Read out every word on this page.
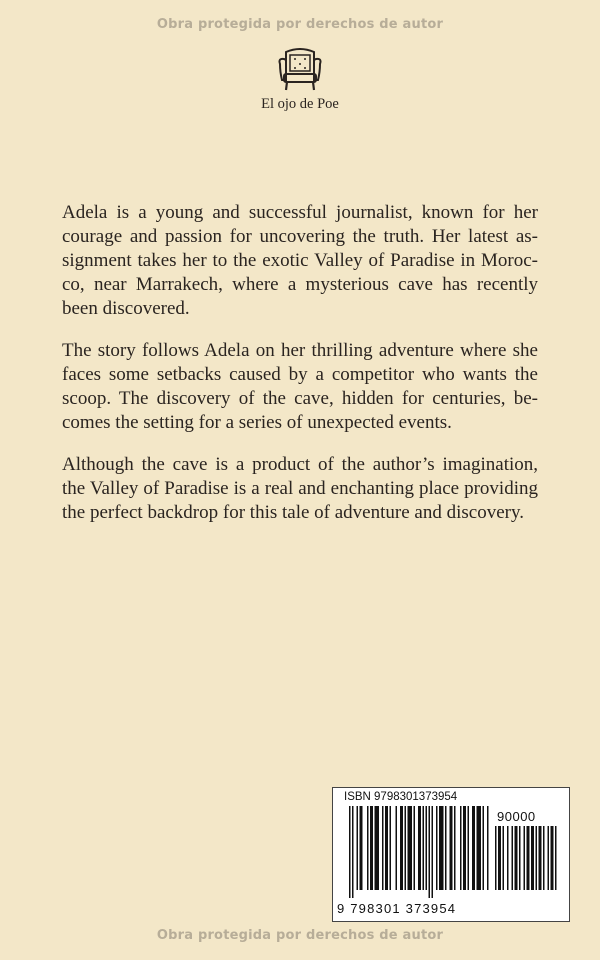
Obra protegida por derechos de autor
El ojo de Poe

Adela is a young and successful journalist, known for her courage and passion for uncovering the truth. Her latest assignment takes her to the exotic Valley of Paradise in Morocco, near Marrakech, where a mysterious cave has recently been discovered.

The story follows Adela on her thrilling adventure where she faces some setbacks caused by a competitor who wants the scoop. The discovery of the cave, hidden for centuries, becomes the setting for a series of unexpected events.

Although the cave is a product of the author’s imagination, the Valley of Paradise is a real and enchanting place providing the perfect backdrop for this tale of adventure and discovery.

ISBN 9798301373954
90000
9 798301 373954
Obra protegida por derechos de autor
